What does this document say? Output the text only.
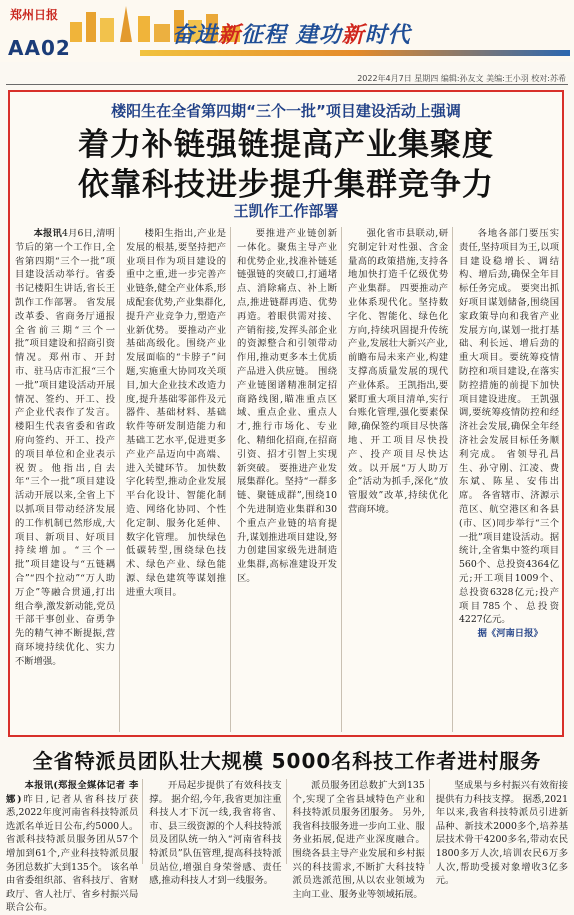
郑州日报
AA02	奋进新征程 建功新时代
2022年4月7日 星期四 编辑:孙友文 美编:王小羽 校对:苏希
楼阳生在全省第四期“三个一批”项目建设活动上强调
着力补链强链提高产业集聚度
依靠科技进步提升集群竞争力
王凯作工作部署

本报讯4月6日,清明节后的第一个工作日,全省第四期“三个一批”项目建设活动举行。省委书记楼阳生讲话,省长王凯作工作部署。 省发展改革委、省商务厅通报全省前三期“三个一批”项目建设和招商引资情况。郑州市、开封市、驻马店市汇报“三个一批”项目建设活动开展情况、签约、开工、投产企业代表作了发言。 楼阳生代表省委和省政府向签约、开工、投产的项目单位和企业表示祝贺。他指出,自去年“三个一批”项目建设活动开展以来,全省上下以抓项目带动经济发展的工作机制已然形成,大项目、新项目、好项目持续增加。“三个一批”项目建设与“五链耦合”“四个拉动”“万人助万企”等融合贯通,打出组合拳,激发新动能,党员干部干事创业、奋勇争先的精气神不断提振,营商环境持续优化、实力不断增强。

楼阳生指出,产业是发展的根基,要坚持把产业项目作为项目建设的重中之重,进一步完善产业链条,健全产业体系,形成配套优势,产业集群化,提升产业竞争力,塑造产业新优势。 要推动产业基础高级化。围绕产业发展面临的“卡脖子”问题,实施重大协同攻关项目,加大企业技术改造力度,提升基础零部件及元器件、基础材料、基础软件等研发制造能力和基础工艺水平,促进更多产业产品迈向中高端、进入关键环节。 加快数字化转型,推动企业发展平台化设计、智能化制造、网络化协同、个性化定制、服务化延伸、数字化管理。 加快绿色低碳转型,围绕绿色技术、绿色产业、绿色能源、绿色建筑等谋划推进重大项目。

要推进产业链创新一体化。聚焦主导产业和优势企业,找准补链延链强链的突破口,打通堵点、消除痛点、补上断点,推进链群再造、优势再造。着眼供需对接、产销衔接,发挥头部企业的资源整合和引领带动作用,推动更多本土优质产品进入供应链。 围绕产业链图谱精准制定招商路线图,瞄准重点区域、重点企业、重点人才,推行市场化、专业化、精细化招商,在招商引资、招才引智上实现新突破。 要推进产业发展集群化。坚持“一群多链、聚链成群”,围绕10个先进制造业集群和30个重点产业链的培育提升,谋划推进项目建设,努力创建国家级先进制造业集群,高标准建设开发区。

强化省市县联动,研究制定针对性强、含金量高的政策措施,支持各地加快打造千亿级优势产业集群。 四要推动产业体系现代化。坚持数字化、智能化、绿色化方向,持续巩固提升传统产业,发展壮大新兴产业,前瞻布局未来产业,构建支撑高质量发展的现代产业体系。 王凯指出,要紧盯重大项目清单,实行台账化管理,强化要素保障,确保签约项目尽快落地、开工项目尽快投产、投产项目尽快达效。以开展“万人助万企”活动为抓手,深化“放管服效”改革,持续优化营商环境。

各地各部门要压实责任,坚持项目为王,以项目建设稳增长、调结构、增后劲,确保全年目标任务完成。 要突出抓好项目谋划储备,围绕国家政策导向和我省产业发展方向,谋划一批打基础、利长远、增后劲的重大项目。要统筹疫情防控和项目建设,在落实防控措施的前提下加快项目建设进度。 王凯强调,要统筹疫情防控和经济社会发展,确保全年经济社会发展目标任务顺利完成。 省领导孔昌生、孙守刚、江凌、费东斌、陈星、安伟出席。 各省辖市、济源示范区、航空港区和各县(市、区)同步举行“三个一批”项目建设活动。据统计,全省集中签约项目560个、总投资4364亿元;开工项目1009个、总投资6328亿元;投产项目785个、总投资4227亿元。

据《河南日报》

全省特派员团队壮大规模 5000名科技工作者进村服务

本报讯(郑报全媒体记者 李娜)昨日,记者从省科技厅获悉,2022年度河南省科技特派员选派名单近日公布,约5000人。省派科技特派员服务团从57个增加到61个,产业科技特派员服务团总数扩大到135个。 该名单由省委组织部、省科技厅、省财政厅、省人社厅、省乡村振兴局联合公布。

开局起步提供了有效科技支撑。 据介绍,今年,我省更加注重科技人才下沉一线,我省将省、市、县三级资源的个人科技特派员及团队统一纳入“河南省科技特派员”队伍管理,提高科技特派员站位,增强自身荣誉感、责任感,推动科技人才到一线服务。

派员服务团总数扩大到135个,实现了全省县域特色产业和科技特派员服务团服务。 另外,我省科技服务进一步向工业、服务业拓展,促进产业深度融合。围绕各县主导产业发展和乡村振兴的科技需求,不断扩大科技特派员选派范围,从以农业领域为主向工业、服务业等领域拓展。

坚成果与乡村振兴有效衔接提供有力科技支撑。 据悉,2021年以来,我省科技特派员引进新品种、新技术2000多个,培养基层技术骨干4200多名,带动农民1800多万人次,培训农民6万多人次,帮助受援对象增收3亿多元。
